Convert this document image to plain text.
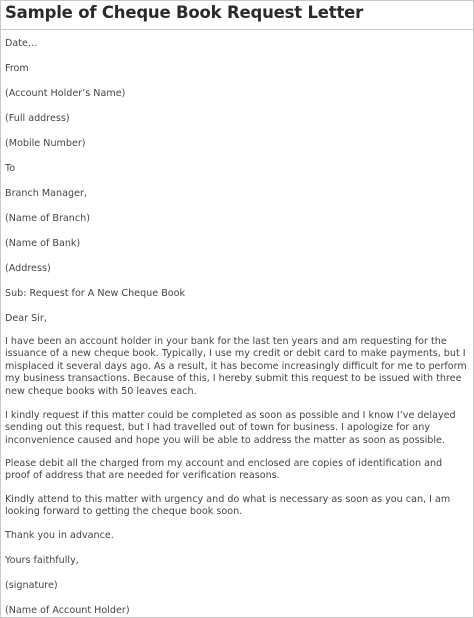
Sample of Cheque Book Request Letter
Date…
From
(Account Holder’s Name)
(Full address)
(Mobile Number)
To
Branch Manager,
(Name of Branch)
(Name of Bank)
(Address)
Sub: Request for A New Cheque Book
Dear Sir,
I have been an account holder in your bank for the last ten years and am requesting for the issuance of a new cheque book. Typically, I use my credit or debit card to make payments, but I misplaced it several days ago. As a result, it has become increasingly difficult for me to perform my business transactions. Because of this, I hereby submit this request to be issued with three new cheque books with 50 leaves each.
I kindly request if this matter could be completed as soon as possible and I know I’ve delayed sending out this request, but I had travelled out of town for business. I apologize for any inconvenience caused and hope you will be able to address the matter as soon as possible.
Please debit all the charged from my account and enclosed are copies of identification and proof of address that are needed for verification reasons.
Kindly attend to this matter with urgency and do what is necessary as soon as you can, I am looking forward to getting the cheque book soon.
Thank you in advance.
Yours faithfully,
(signature)
(Name of Account Holder)
